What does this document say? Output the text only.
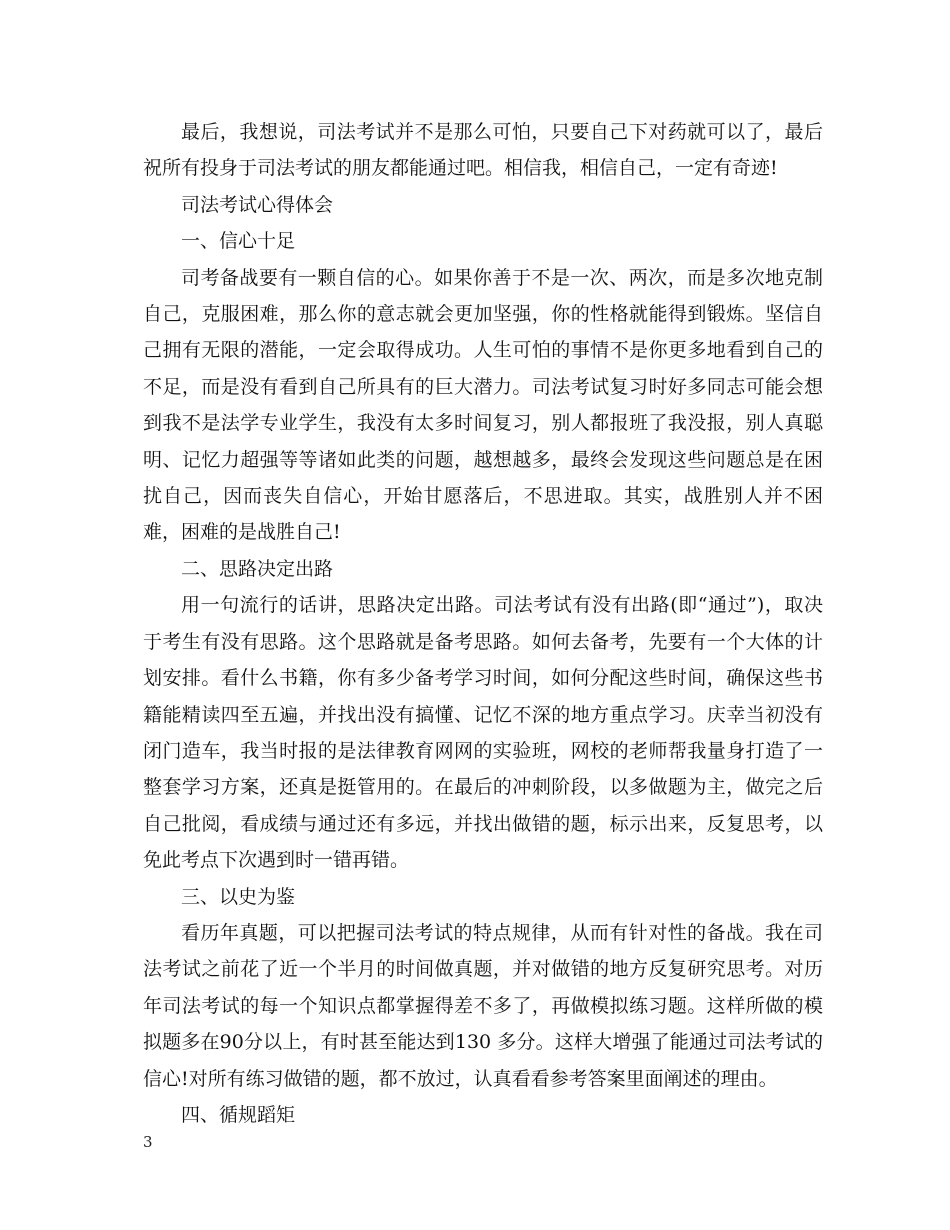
最后，我想说，司法考试并不是那么可怕，只要自己下对药就可以了，最后祝所有投身于司法考试的朋友都能通过吧。相信我，相信自己，一定有奇迹!

司法考试心得体会

一、信心十足

司考备战要有一颗自信的心。如果你善于不是一次、两次，而是多次地克制自己，克服困难，那么你的意志就会更加坚强，你的性格就能得到锻炼。坚信自己拥有无限的潜能，一定会取得成功。人生可怕的事情不是你更多地看到自己的不足，而是没有看到自己所具有的巨大潜力。司法考试复习时好多同志可能会想到我不是法学专业学生，我没有太多时间复习，别人都报班了我没报，别人真聪明、记忆力超强等等诸如此类的问题，越想越多，最终会发现这些问题总是在困扰自己，因而丧失自信心，开始甘愿落后，不思进取。其实，战胜别人并不困难，困难的是战胜自己!

二、思路决定出路

用一句流行的话讲，思路决定出路。司法考试有没有出路(即“通过”)，取决于考生有没有思路。这个思路就是备考思路。如何去备考，先要有一个大体的计划安排。看什么书籍，你有多少备考学习时间，如何分配这些时间，确保这些书籍能精读四至五遍，并找出没有搞懂、记忆不深的地方重点学习。庆幸当初没有闭门造车，我当时报的是法律教育网网的实验班，网校的老师帮我量身打造了一整套学习方案，还真是挺管用的。在最后的冲刺阶段，以多做题为主，做完之后自己批阅，看成绩与通过还有多远，并找出做错的题，标示出来，反复思考，以免此考点下次遇到时一错再错。

三、以史为鉴

看历年真题，可以把握司法考试的特点规律，从而有针对性的备战。我在司法考试之前花了近一个半月的时间做真题，并对做错的地方反复研究思考。对历年司法考试的每一个知识点都掌握得差不多了，再做模拟练习题。这样所做的模拟题多在90分以上，有时甚至能达到130 多分。这样大增强了能通过司法考试的信心!对所有练习做错的题，都不放过，认真看看参考答案里面阐述的理由。

四、循规蹈矩

3
